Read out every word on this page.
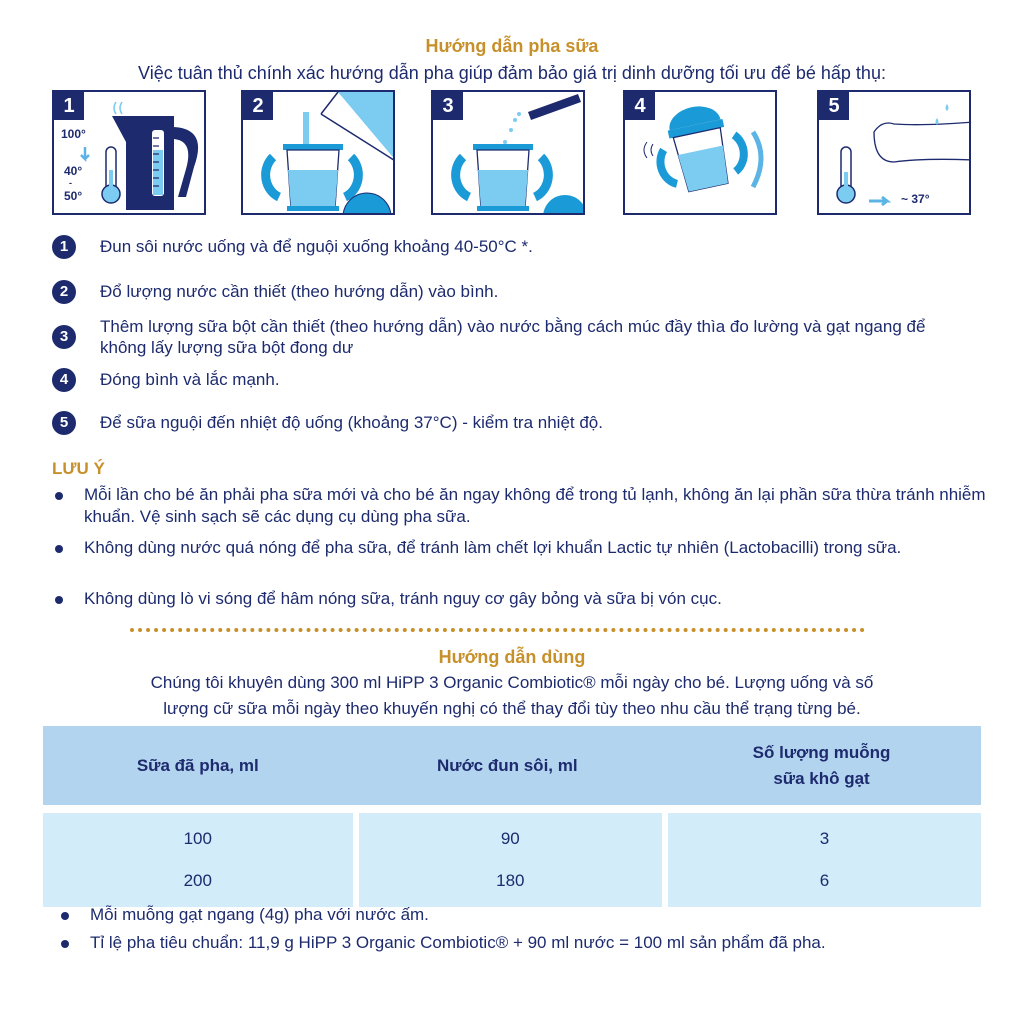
Hướng dẫn pha sữa
Việc tuân thủ chính xác hướng dẫn pha giúp đảm bảo giá trị dinh dưỡng tối ưu để bé hấp thụ:
1
100°
40°
-
50°
2	3	4	5
~ 37°
1	Đun sôi nước uống và để nguội xuống khoảng 40-50°C *.
2	Đổ lượng nước cần thiết (theo hướng dẫn) vào bình.
3
Thêm lượng sữa bột cần thiết (theo hướng dẫn) vào nước bằng cách múc đầy thìa đo lường và gạt ngang để không lấy lượng sữa bột đong dư
4	Đóng bình và lắc mạnh.
5	Để sữa nguội đến nhiệt độ uống (khoảng 37°C) - kiểm tra nhiệt độ.
LƯU Ý
Mỗi lần cho bé ăn phải pha sữa mới và cho bé ăn ngay không để trong tủ lạnh, không ăn lại phần sữa thừa tránh nhiễm khuẩn. Vệ sinh sạch sẽ các dụng cụ dùng pha sữa.
Không dùng nước quá nóng để pha sữa, để tránh làm chết lợi khuẩn Lactic tự nhiên (Lactobacilli) trong sữa.
Không dùng lò vi sóng để hâm nóng sữa, tránh nguy cơ gây bỏng và sữa bị vón cục.
Hướng dẫn dùng
Chúng tôi khuyên dùng 300 ml HiPP 3 Organic Combiotic® mỗi ngày cho bé. Lượng uống và số
lượng cữ sữa mỗi ngày theo khuyến nghị có thể thay đổi tùy theo nhu cầu thể trạng từng bé.
Sữa đã pha, ml	Nước đun sôi, ml	Số lượng muỗng
sữa khô gạt

100	90	3
200	180	6
Mỗi muỗng gạt ngang (4g) pha với nước ấm.
Tỉ lệ pha tiêu chuẩn: 11,9 g HiPP 3 Organic Combiotic® + 90 ml nước = 100 ml sản phẩm đã pha.
